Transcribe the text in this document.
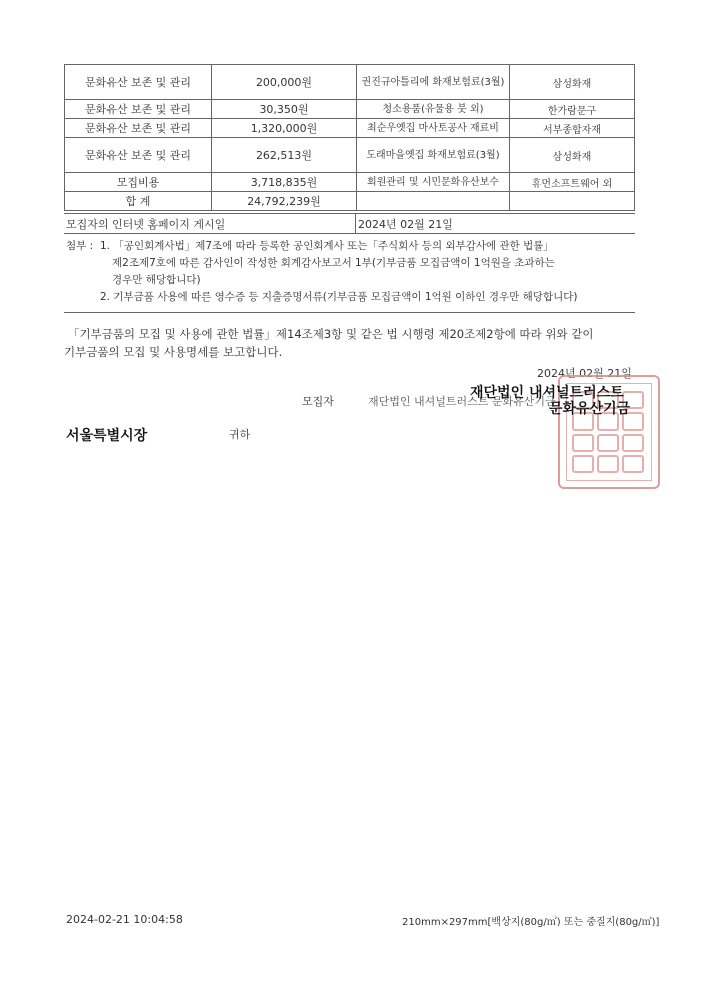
문화유산 보존 및 관리	200,000원	권진규아틀리에 화재보험료(3월)	삼성화재
문화유산 보존 및 관리	30,350원	청소용품(유물용 붓 외)	한가람문구
문화유산 보존 및 관리	1,320,000원	최순우옛집 마사토공사 재료비	서부종합자재
문화유산 보존 및 관리	262,513원	도래마을옛집 화재보험료(3월)	삼성화재
모집비용	3,718,835원	회원관리 및 시민문화유산보수	휴먼소프트웨어 외
합 계	24,792,239원		
모집자의 인터넷 홈페이지 게시일	2024년 02월 21일
첨부 : 1. 「공인회계사법」제7조에 따라 등록한 공인회계사 또는「주식회사 등의 외부감사에 관한 법률」
제2조제7호에 따른 감사인이 작성한 회계감사보고서 1부(기부금품 모집금액이 1억원을 초과하는
경우만 해당합니다)
2. 기부금품 사용에 따른 영수증 등 지출증명서류(기부금품 모집금액이 1억원 이하인 경우만 해당합니다)
「기부금품의 모집 및 사용에 관한 법률」제14조제3항 및 같은 법 시행령 제20조제2항에 따라 위와 같이
기부금품의 모집 및 사용명세를 보고합니다.
2024년 02월 21일
모집자	재단법인 내셔널트러스트 문화유산기금
재단법인 내셔널트러스트
문화유산기금
서울특별시장	귀하
2024-02-21 10:04:58	210mm×297mm[백상지(80g/㎡) 또는 중질지(80g/㎡)]
